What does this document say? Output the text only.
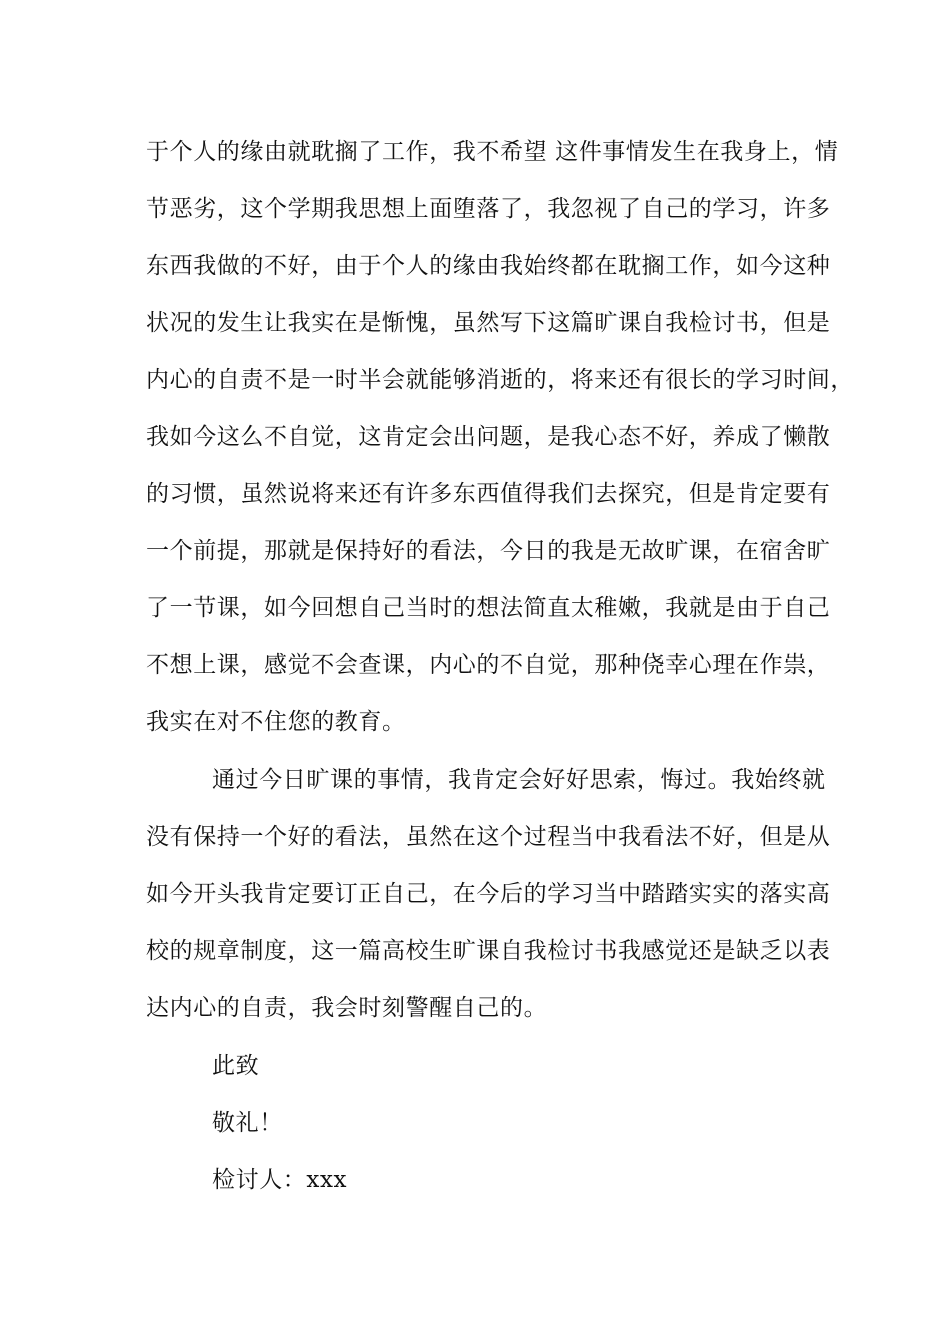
于个人的缘由就耽搁了工作，我不希望 这件事情发生在我身上，情
节恶劣，这个学期我思想上面堕落了，我忽视了自己的学习，许多
东西我做的不好，由于个人的缘由我始终都在耽搁工作，如今这种
状况的发生让我实在是惭愧，虽然写下这篇旷课自我检讨书，但是
内心的自责不是一时半会就能够消逝的，将来还有很长的学习时间，
我如今这么不自觉，这肯定会出问题，是我心态不好，养成了懒散
的习惯，虽然说将来还有许多东西值得我们去探究，但是肯定要有
一个前提，那就是保持好的看法，今日的我是无故旷课，在宿舍旷
了一节课，如今回想自己当时的想法简直太稚嫩，我就是由于自己
不想上课，感觉不会查课，内心的不自觉，那种侥幸心理在作祟，
我实在对不住您的教育。
通过今日旷课的事情，我肯定会好好思索，悔过。我始终就
没有保持一个好的看法，虽然在这个过程当中我看法不好，但是从
如今开头我肯定要订正自己，在今后的学习当中踏踏实实的落实高
校的规章制度，这一篇高校生旷课自我检讨书我感觉还是缺乏以表
达内心的自责，我会时刻警醒自己的。
此致
敬礼！
检讨人：xxx
